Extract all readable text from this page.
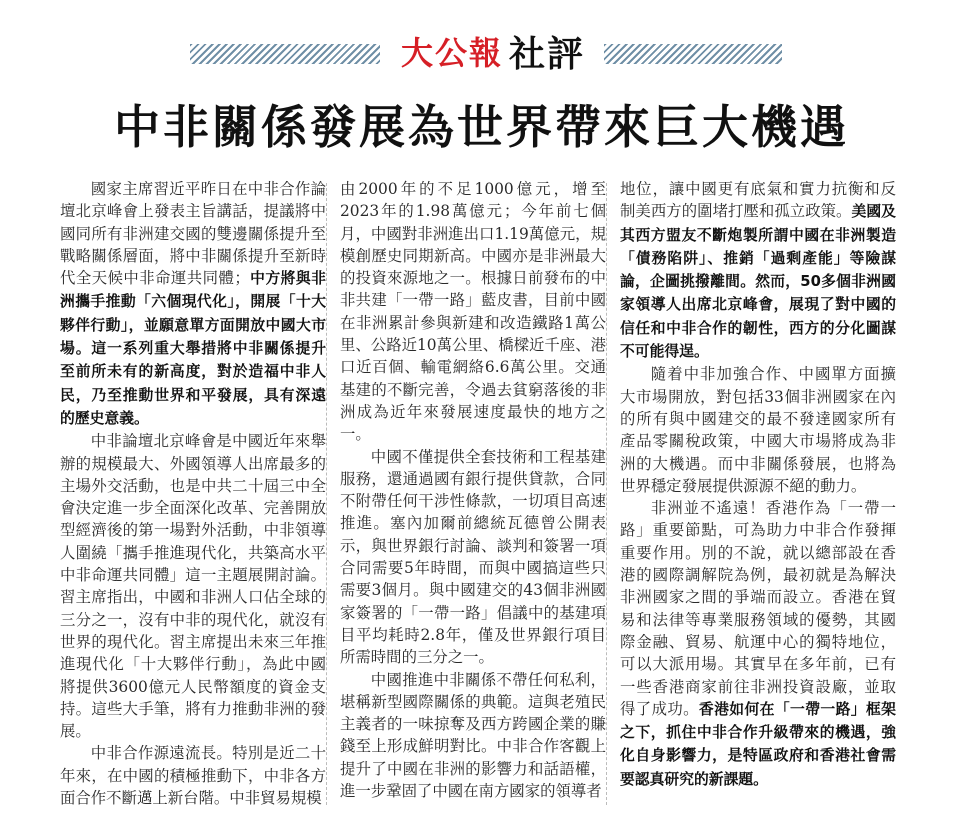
大公報 社評
中非關係發展為世界帶來巨大機遇

國家主席習近平昨日在中非合作論壇北京峰會上發表主旨講話，提議將中國同所有非洲建交國的雙邊關係提升至戰略關係層面，將中非關係提升至新時代全天候中非命運共同體；中方將與非洲攜手推動「六個現代化」，開展「十大夥伴行動」，並願意單方面開放中國大市場。這一系列重大舉措將中非關係提升至前所未有的新高度，對於造福中非人民，乃至推動世界和平發展，具有深遠的歷史意義。

中非論壇北京峰會是中國近年來舉辦的規模最大、外國領導人出席最多的主場外交活動，也是中共二十屆三中全會決定進一步全面深化改革、完善開放型經濟後的第一場對外活動，中非領導人圍繞「攜手推進現代化，共築高水平中非命運共同體」這一主題展開討論。習主席指出，中國和非洲人口佔全球的三分之一，沒有中非的現代化，就沒有世界的現代化。習主席提出未來三年推進現代化「十大夥伴行動」，為此中國將提供3600億元人民幣額度的資金支持。這些大手筆，將有力推動非洲的發展。

中非合作源遠流長。特別是近二十年來，在中國的積極推動下，中非各方面合作不斷邁上新台階。中非貿易規模

由2000年的不足1000億元，增至2023年的1.98萬億元；今年前七個月，中國對非洲進出口1.19萬億元，規模創歷史同期新高。中國亦是非洲最大的投資來源地之一。根據日前發布的中非共建「一帶一路」藍皮書，目前中國在非洲累計參與新建和改造鐵路1萬公里、公路近10萬公里、橋樑近千座、港口近百個、輸電網絡6.6萬公里。交通基建的不斷完善，令過去貧窮落後的非洲成為近年來發展速度最快的地方之一。

中國不僅提供全套技術和工程基建服務，還通過國有銀行提供貸款，合同不附帶任何干涉性條款，一切項目高速推進。塞內加爾前總統瓦德曾公開表示，與世界銀行討論、談判和簽署一項合同需要5年時間，而與中國搞這些只需要3個月。與中國建交的43個非洲國家簽署的「一帶一路」倡議中的基建項目平均耗時2.8年，僅及世界銀行項目所需時間的三分之一。

中國推進中非關係不帶任何私利，堪稱新型國際關係的典範。這與老殖民主義者的一味掠奪及西方跨國企業的賺錢至上形成鮮明對比。中非合作客觀上提升了中國在非洲的影響力和話語權，進一步鞏固了中國在南方國家的領導者

地位，讓中國更有底氣和實力抗衡和反制美西方的圍堵打壓和孤立政策。美國及其西方盟友不斷炮製所謂中國在非洲製造「債務陷阱」、推銷「過剩產能」等險謀論，企圖挑撥離間。然而，50多個非洲國家領導人出席北京峰會，展現了對中國的信任和中非合作的韌性，西方的分化圖謀不可能得逞。

隨着中非加強合作、中國單方面擴大市場開放，對包括33個非洲國家在內的所有與中國建交的最不發達國家所有產品零關稅政策，中國大市場將成為非洲的大機遇。而中非關係發展，也將為世界穩定發展提供源源不絕的動力。

非洲並不遙遠！香港作為「一帶一路」重要節點，可為助力中非合作發揮重要作用。別的不說，就以總部設在香港的國際調解院為例，最初就是為解決非洲國家之間的爭端而設立。香港在貿易和法律等專業服務領域的優勢，其國際金融、貿易、航運中心的獨特地位，可以大派用場。其實早在多年前，已有一些香港商家前往非洲投資設廠，並取得了成功。香港如何在「一帶一路」框架之下，抓住中非合作升級帶來的機遇，強化自身影響力，是特區政府和香港社會需要認真研究的新課題。
